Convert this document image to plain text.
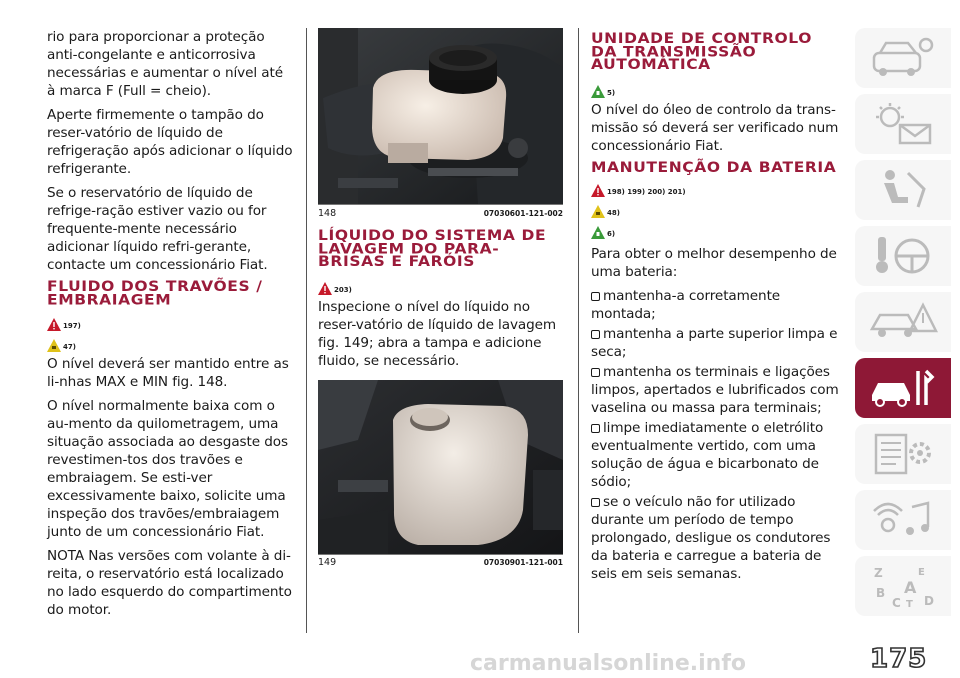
rio para proporcionar a proteção anti-congelante e anticorrosiva necessárias e aumentar o nível até à marca F (Full = cheio).

Aperte firmemente o tampão do reser-vatório de líquido de refrigeração após adicionar o líquido refrigerante.

Se o reservatório de líquido de refrige-ração estiver vazio ou for frequente-mente necessário adicionar líquido refri-gerante, contacte um concessionário Fiat.

FLUIDO DOS TRAVÕES / EMBRAIAGEM
197)
47)

O nível deverá ser mantido entre as li-nhas MAX e MIN fig. 148.

O nível normalmente baixa com o au-mento da quilometragem, uma situação associada ao desgaste dos revestimen-tos dos travões e embraiagem. Se esti-ver excessivamente baixo, solicite uma inspeção dos travões/embraiagem junto de um concessionário Fiat.

NOTA Nas versões com volante à di-reita, o reservatório está localizado no lado esquerdo do compartimento do motor.

148	07030601-121-002
LÍQUIDO DO SISTEMA DE LAVAGEM DO PARA-BRISAS E FARÓIS
203)

Inspecione o nível do líquido no reser-vatório de líquido de lavagem fig. 149; abra a tampa e adicione fluido, se necessário.

149	07030901-121-001
UNIDADE DE CONTROLO DA TRANSMISSÃO AUTOMÁTICA
5)

O nível do óleo de controlo da trans-missão só deverá ser verificado num concessionário Fiat.

MANUTENÇÃO DA BATERIA
198) 199) 200) 201)
48)
6)

Para obter o melhor desempenho de uma bateria:

mantenha-a corretamente montada;

mantenha a parte superior limpa e seca;

mantenha os terminais e ligações limpos, apertados e lubrificados com vaselina ou massa para terminais;

limpe imediatamente o eletrólito eventualmente vertido, com uma solução de água e bicarbonato de sódio;

se o veículo não for utilizado durante um período de tempo prolongado, desligue os condutores da bateria e carregue a bateria de seis em seis semanas.	Z	E
B A
C T D
carmanualsonline.info	175
